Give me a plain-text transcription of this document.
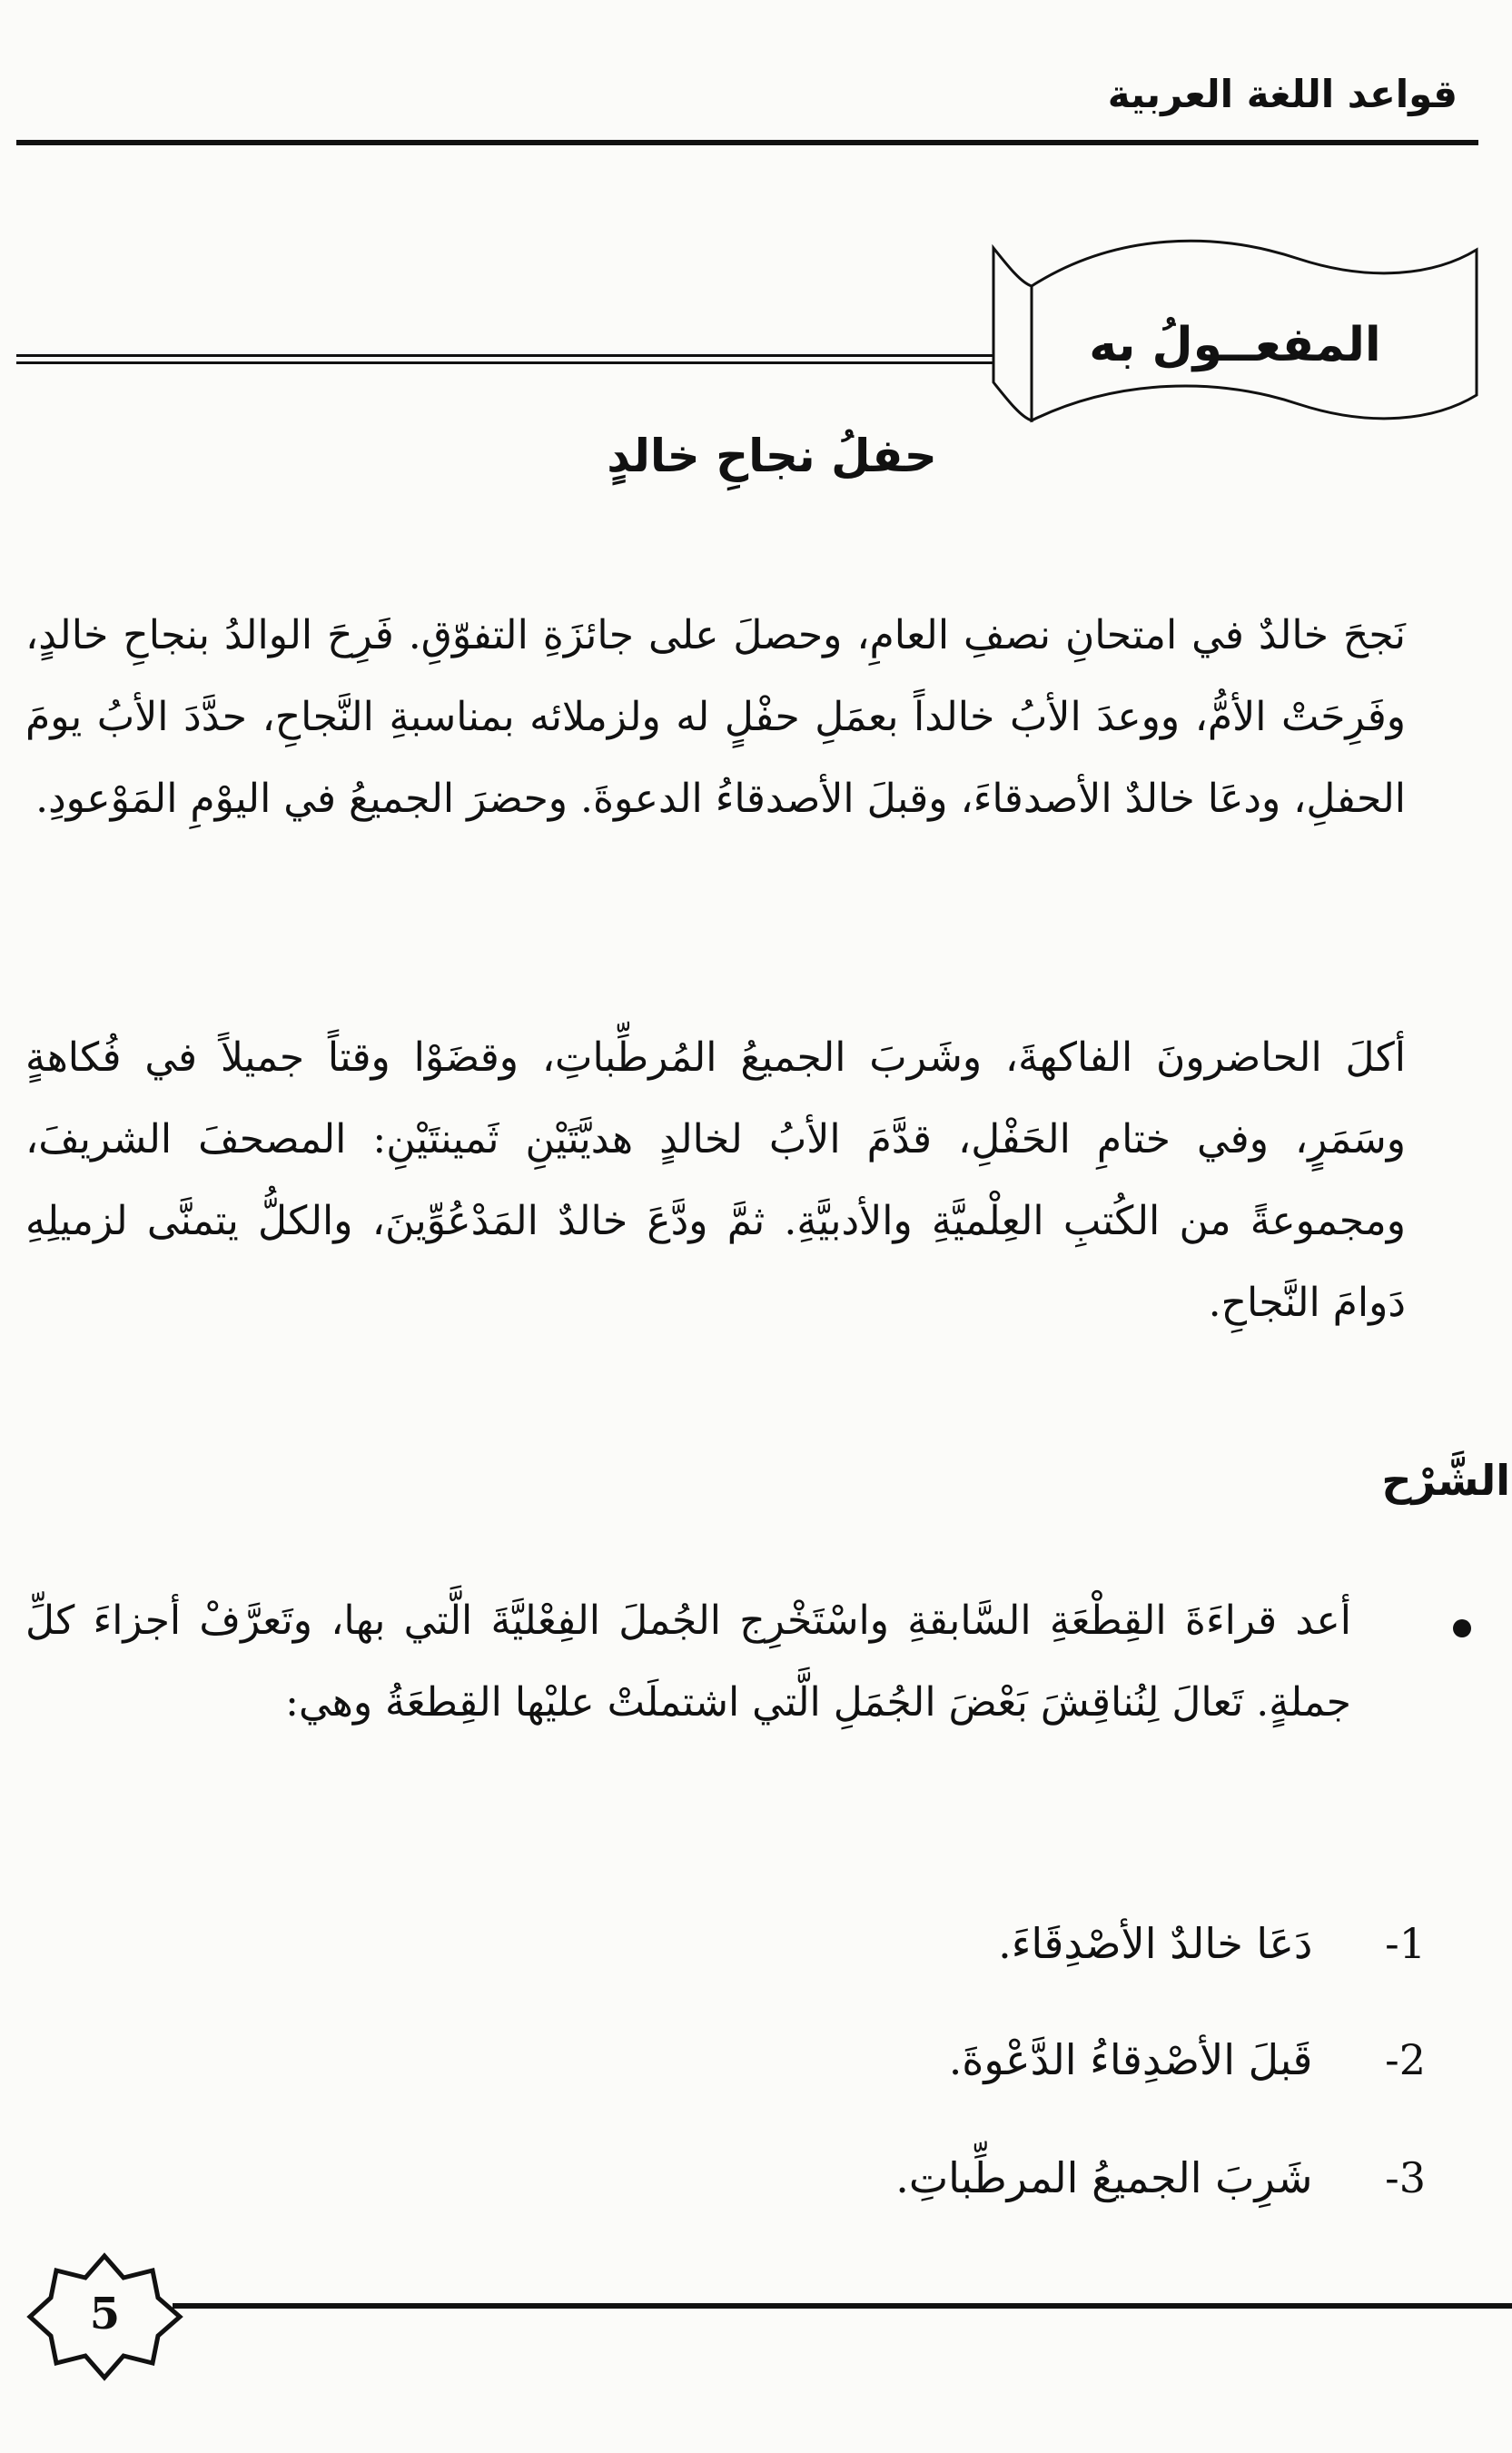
قواعد اللغة العربية
المفعــولُ به
حفلُ نجاحِ خالدٍ
نَجحَ خالدٌ في امتحانِ نصفِ العامِ، وحصلَ على جائزَةِ التفوّقِ. فَرِحَ الوالدُ بنجاحِ خالدٍ، وفَرِحَتْ الأمُّ، ووعدَ الأبُ خالداً بعمَلِ حفْلٍ له ولزملائه بمناسبةِ النَّجاحِ، حدَّدَ الأبُ يومَ الحفلِ، ودعَا خالدٌ الأصدقاءَ، وقبلَ الأصدقاءُ الدعوةَ. وحضرَ الجميعُ في اليوْمِ المَوْعودِ.
أكلَ الحاضرونَ الفاكهةَ، وشَربَ الجميعُ المُرطِّباتِ، وقضَوْا وقتاً جميلاً في فُكاهةٍ وسَمَرٍ، وفي ختامِ الحَفْلِ، قدَّمَ الأبُ لخالدٍ هديَّتَيْنِ ثَمينتَيْنِ: المصحفَ الشريفَ، ومجموعةً من الكُتبِ العِلْميَّةِ والأدبيَّةِ. ثمَّ ودَّعَ خالدٌ المَدْعُوِّينَ، والكلُّ يتمنَّى لزميلِهِ دَوامَ النَّجاحِ.
الشَّرْح
أعد قراءَةَ القِطْعَةِ السَّابقةِ واسْتَخْرِج الجُملَ الفِعْليَّةَ الَّتي بها، وتَعرَّفْ أجزاءَ كلِّ جملةٍ. تَعالَ لِنُناقِشَ بَعْضَ الجُمَلِ الَّتي اشتملَتْ عليْها القِطعَةُ وهي:
1- دَعَا خالدٌ الأصْدِقَاءَ.
2- قَبلَ الأصْدِقاءُ الدَّعْوةَ.
3- شَرِبَ الجميعُ المرطِّباتِ.
5
